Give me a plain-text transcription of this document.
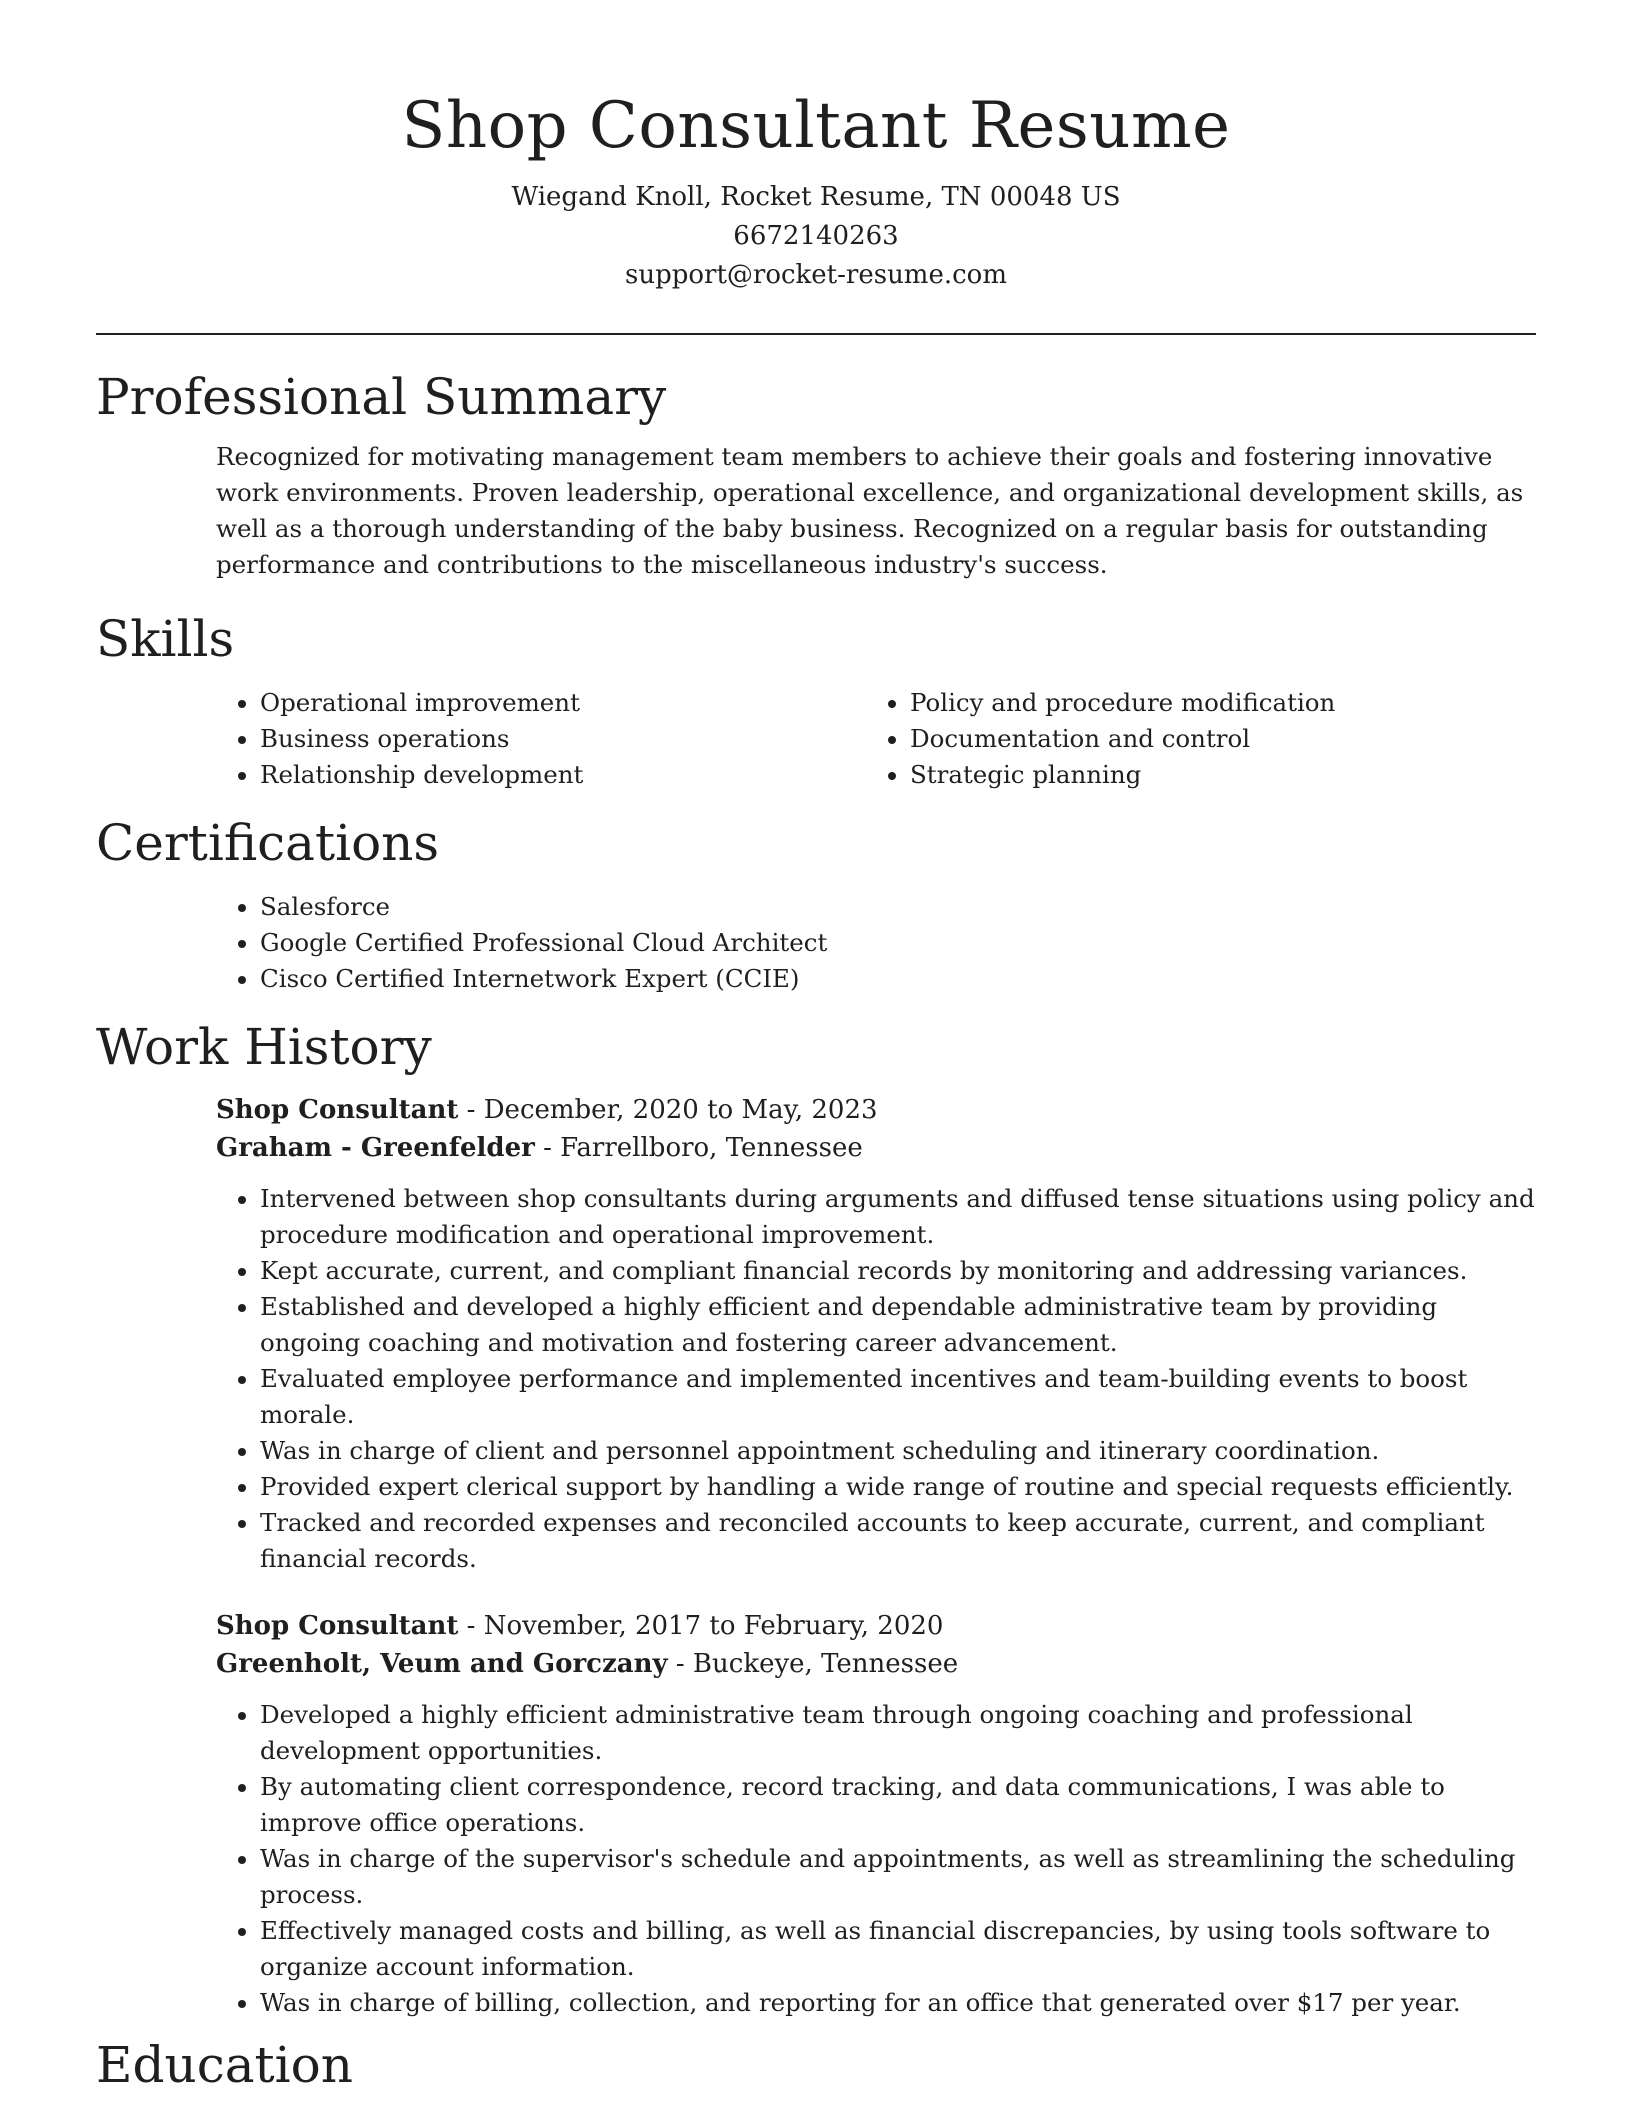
Shop Consultant Resume

Wiegand Knoll, Rocket Resume, TN 00048 US

6672140263

support@rocket-resume.com

Professional Summary

Recognized for motivating management team members to achieve their goals and fostering innovative work environments. Proven leadership, operational excellence, and organizational development skills, as well as a thorough understanding of the baby business. Recognized on a regular basis for outstanding performance and contributions to the miscellaneous industry's success.

Skills
• Operational improvement
• Business operations
• Relationship development
• Policy and procedure modification
• Documentation and control
• Strategic planning
Certifications
• Salesforce
• Google Certified Professional Cloud Architect
• Cisco Certified Internetwork Expert (CCIE)
Work History

Shop Consultant - December, 2020 to May, 2023

Graham - Greenfelder - Farrellboro, Tennessee

• Intervened between shop consultants during arguments and diffused tense situations using policy and procedure modification and operational improvement.
• Kept accurate, current, and compliant financial records by monitoring and addressing variances.
• Established and developed a highly efficient and dependable administrative team by providing ongoing coaching and motivation and fostering career advancement.
• Evaluated employee performance and implemented incentives and team-building events to boost morale.
• Was in charge of client and personnel appointment scheduling and itinerary coordination.
• Provided expert clerical support by handling a wide range of routine and special requests efficiently.
• Tracked and recorded expenses and reconciled accounts to keep accurate, current, and compliant financial records.

Shop Consultant - November, 2017 to February, 2020

Greenholt, Veum and Gorczany - Buckeye, Tennessee

• Developed a highly efficient administrative team through ongoing coaching and professional development opportunities.
• By automating client correspondence, record tracking, and data communications, I was able to improve office operations.
• Was in charge of the supervisor's schedule and appointments, as well as streamlining the scheduling process.
• Effectively managed costs and billing, as well as financial discrepancies, by using tools software to organize account information.
• Was in charge of billing, collection, and reporting for an office that generated over $17 per year.
Education
